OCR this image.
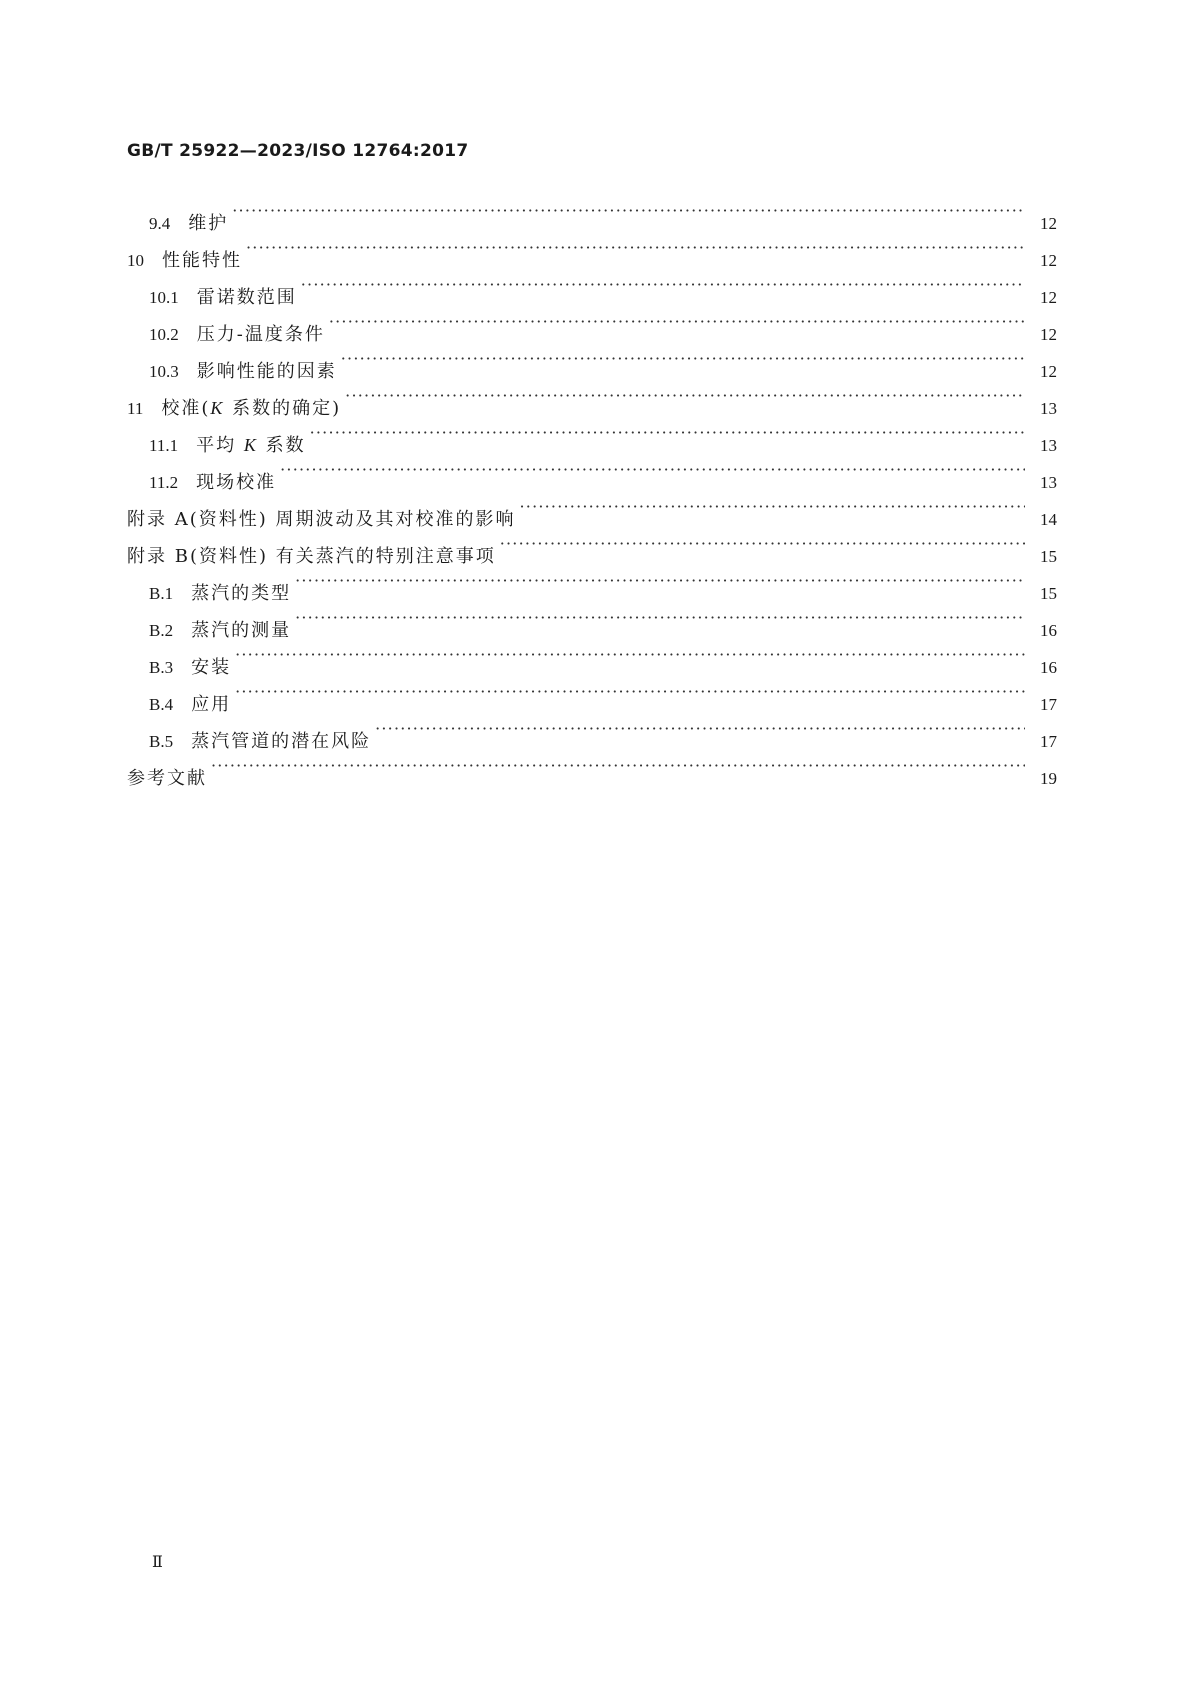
GB/T 25922—2023/ISO 12764:2017
9.4 维护 ·····	12
10 性能特性 ·····	12
10.1 雷诺数范围 ·····	12
10.2 压力-温度条件 ·····	12
10.3 影响性能的因素 ·····	12
11 校准(K 系数的确定) ·····	13
11.1 平均 K 系数 ·····	13
11.2 现场校准 ·····	13
附录 A(资料性) 周期波动及其对校准的影响 ·····	14
附录 B(资料性) 有关蒸汽的特别注意事项 ·····	15
B.1 蒸汽的类型 ·····	15
B.2 蒸汽的测量 ·····	16
B.3 安装 ·····	16
B.4 应用 ·····	17
B.5 蒸汽管道的潜在风险 ·····	17
参考文献 ·····	19
Ⅱ
